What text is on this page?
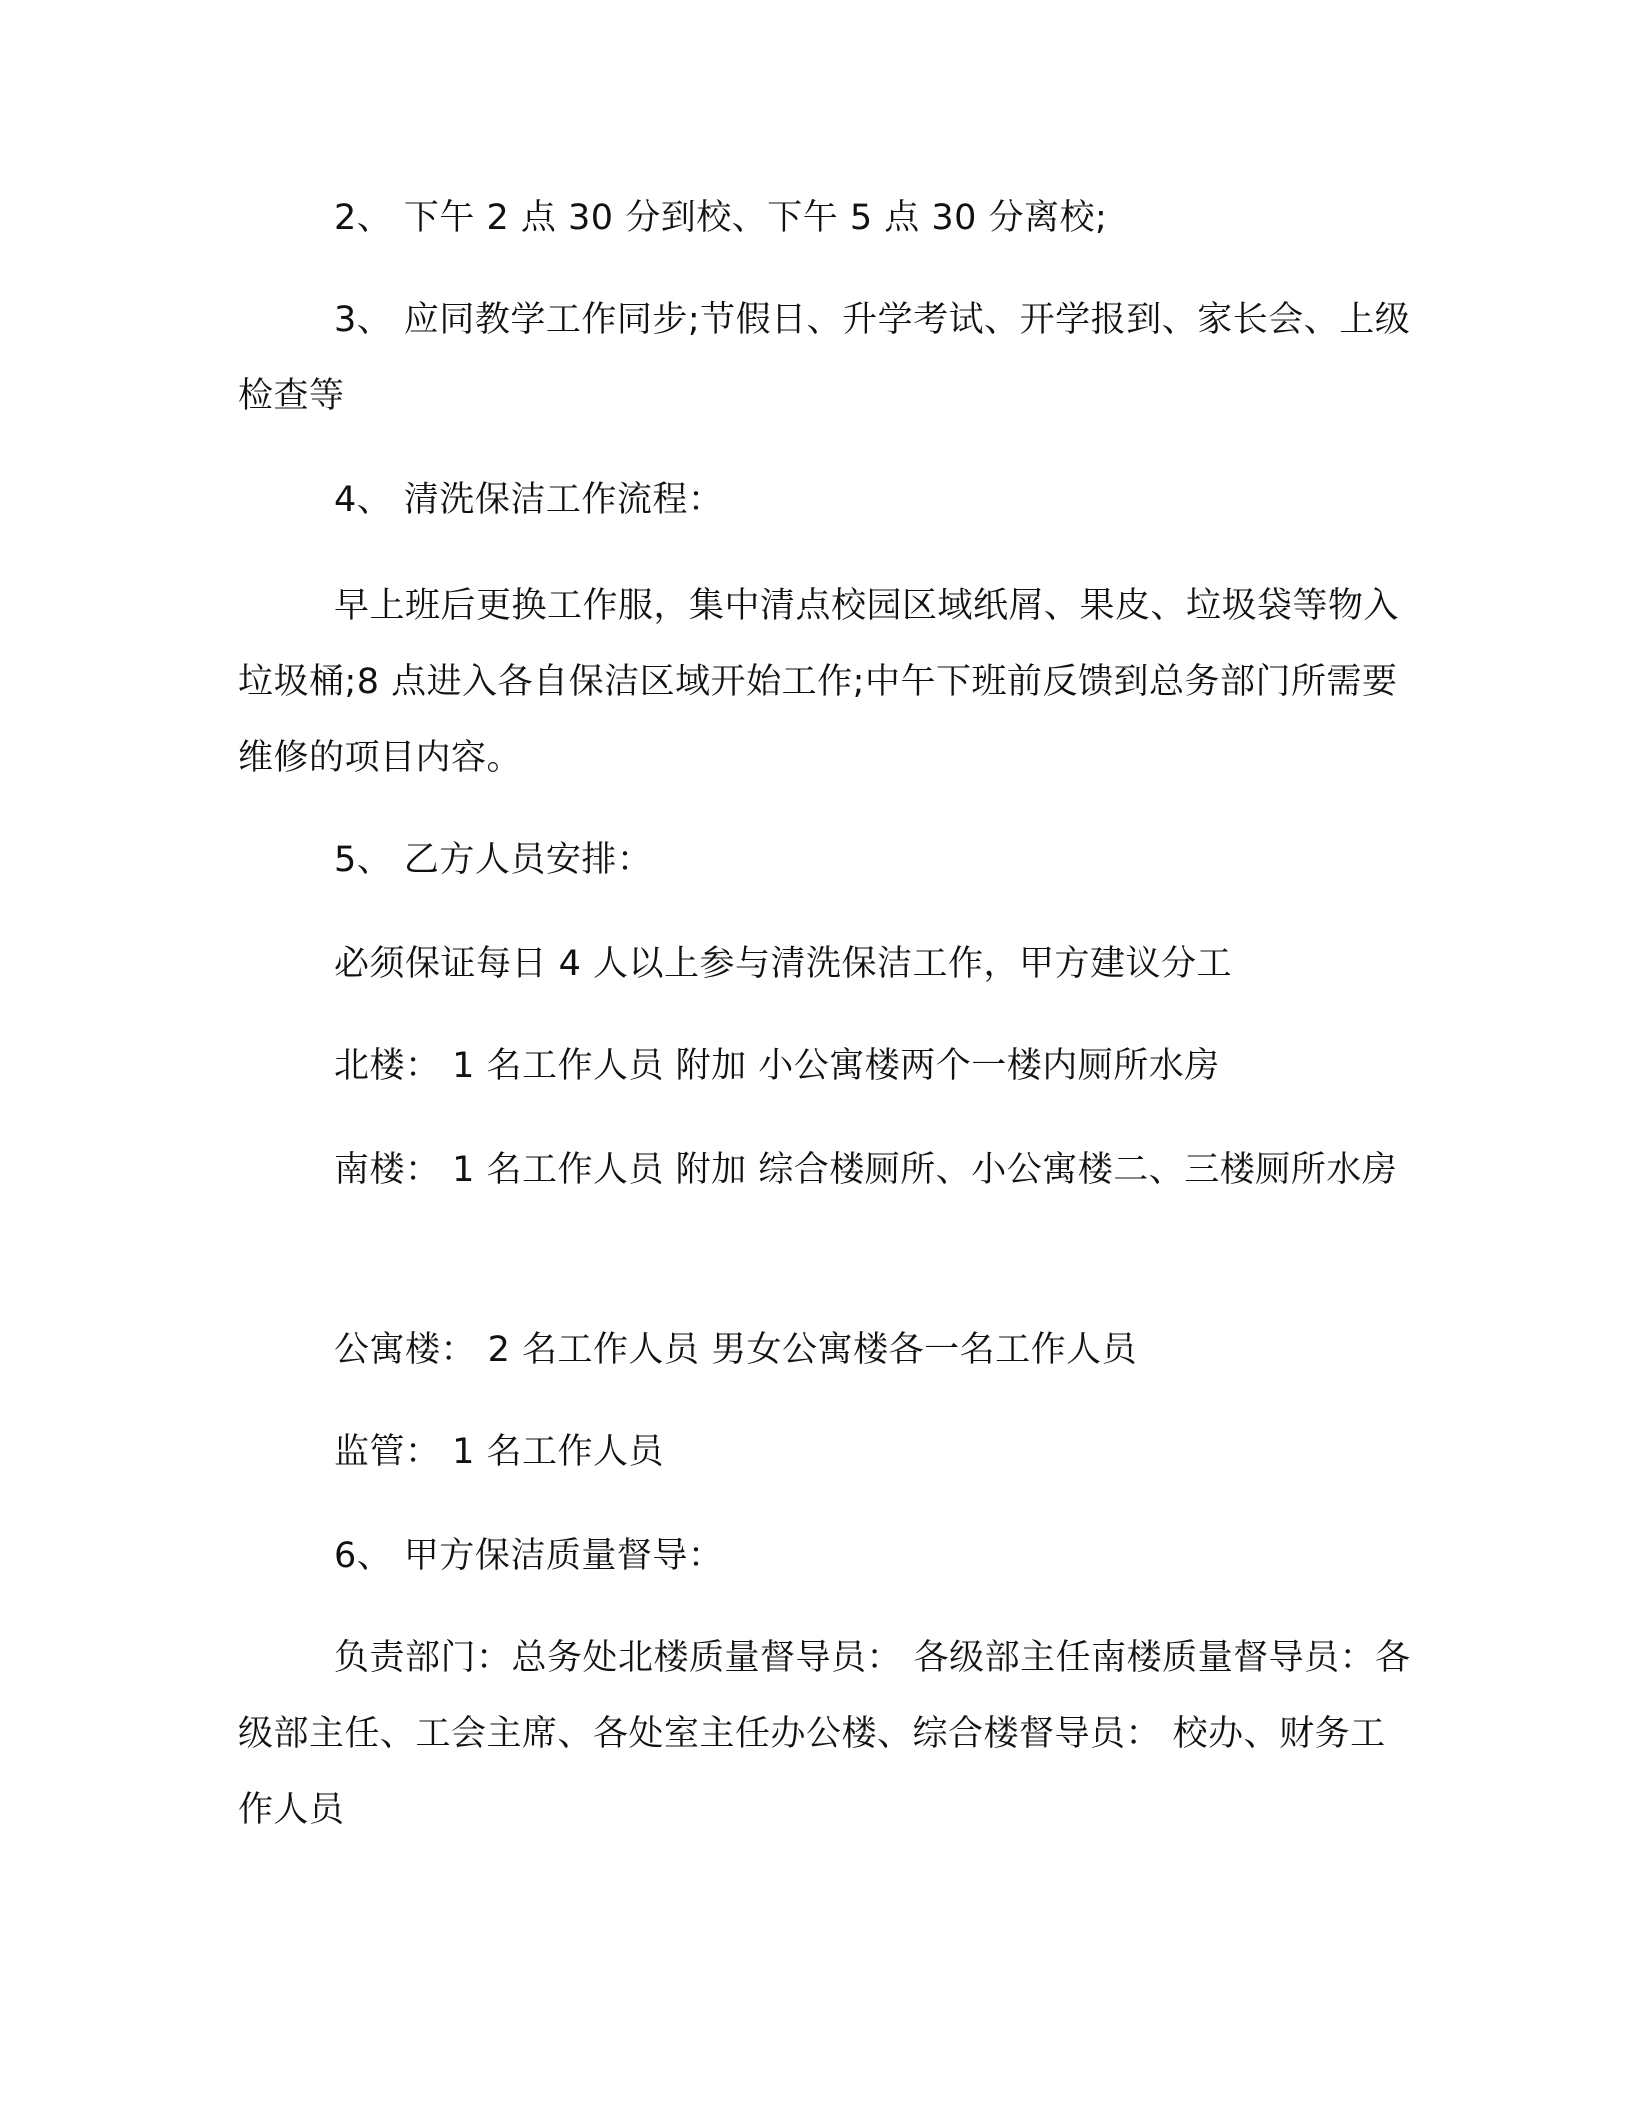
2、 下午 2 点 30 分到校、下午 5 点 30 分离校;

3、 应同教学工作同步;节假日、升学考试、开学报到、家长会、上级检查等

4、 清洗保洁工作流程：

早上班后更换工作服，集中清点校园区域纸屑、果皮、垃圾袋等物入垃圾桶;8 点进入各自保洁区域开始工作;中午下班前反馈到总务部门所需要维修的项目内容。

5、 乙方人员安排：

必须保证每日 4 人以上参与清洗保洁工作，甲方建议分工

北楼： 1 名工作人员 附加 小公寓楼两个一楼内厕所水房

南楼： 1 名工作人员 附加 综合楼厕所、小公寓楼二、三楼厕所水房

公寓楼： 2 名工作人员 男女公寓楼各一名工作人员

监管： 1 名工作人员

6、 甲方保洁质量督导：

负责部门：总务处北楼质量督导员： 各级部主任南楼质量督导员：各级部主任、工会主席、各处室主任办公楼、综合楼督导员： 校办、财务工作人员
